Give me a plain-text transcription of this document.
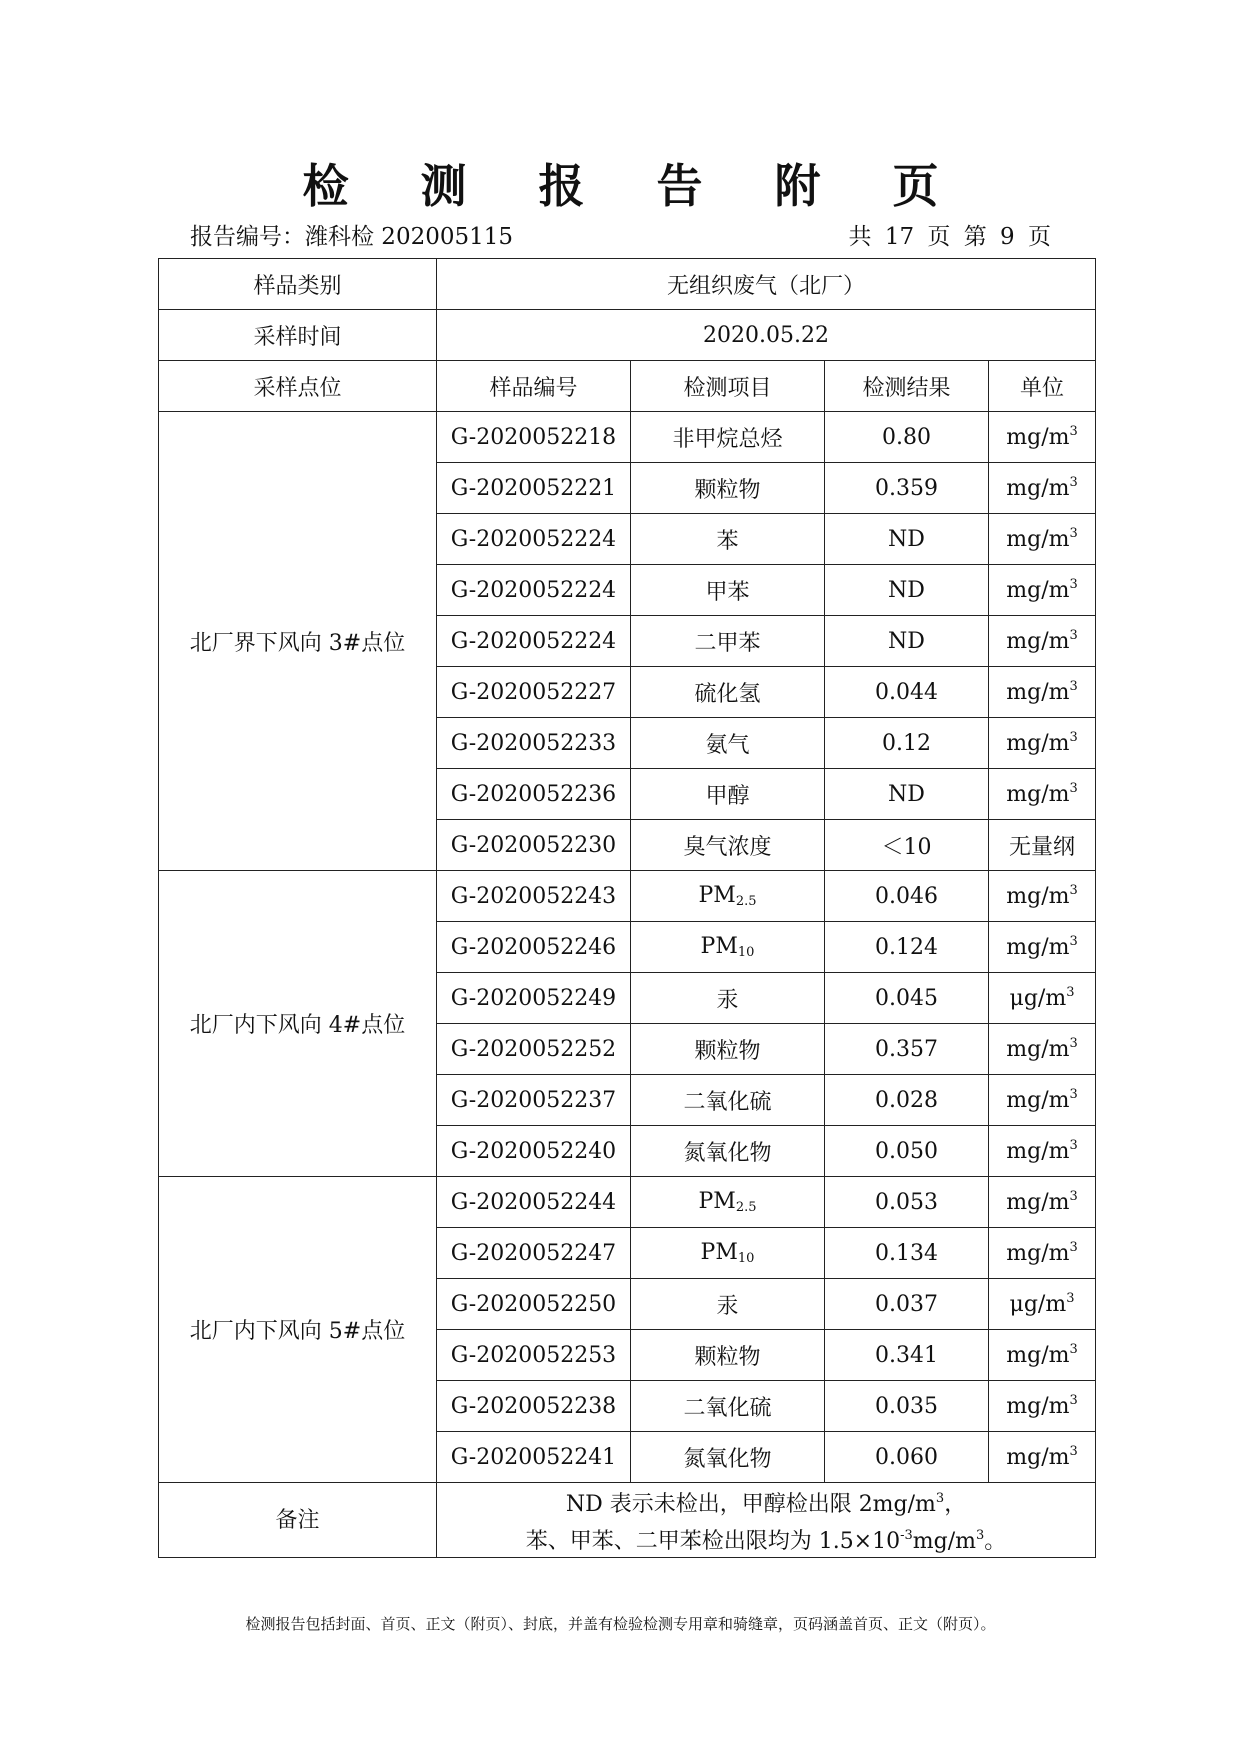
检 测 报 告 附 页
报告编号：潍科检 202005115	共 17 页 第 9 页
样品类别	无组织废气（北厂）			
采样时间	2020.05.22			
采样点位	样品编号	检测项目	检测结果	单位
北厂界下风向 3#点位	G-2020052218	非甲烷总烃	0.80	$mg/m^3$
	G-2020052221	颗粒物	0.359	$mg/m^3$
	G-2020052224	苯	ND	$mg/m^3$
	G-2020052224	甲苯	ND	$mg/m^3$
	G-2020052224	二甲苯	ND	$mg/m^3$
	G-2020052227	硫化氢	0.044	$mg/m^3$
	G-2020052233	氨气	0.12	$mg/m^3$
	G-2020052236	甲醇	ND	$mg/m^3$
	G-2020052230	臭气浓度	＜10	无量纲
北厂内下风向 4#点位	G-2020052243	$PM_{2.5}$	0.046	$mg/m^3$
	G-2020052246	$PM_{10}$	0.124	$mg/m^3$
	G-2020052249	汞	0.045	$\mu g/m^3$
	G-2020052252	颗粒物	0.357	$mg/m^3$
	G-2020052237	二氧化硫	0.028	$mg/m^3$
	G-2020052240	氮氧化物	0.050	$mg/m^3$
北厂内下风向 5#点位	G-2020052244	$PM_{2.5}$	0.053	$mg/m^3$
	G-2020052247	$PM_{10}$	0.134	$mg/m^3$
	G-2020052250	汞	0.037	$\mu g/m^3$
	G-2020052253	颗粒物	0.341	$mg/m^3$
	G-2020052238	二氧化硫	0.035	$mg/m^3$
	G-2020052241	氮氧化物	0.060	$mg/m^3$
备注	ND 表示未检出，甲醇检出限 $2mg/m^3$，
苯、甲苯、二甲苯检出限均为 $1.5\times 10^{-3}mg/m^3$。			
检测报告包括封面、首页、正文（附页）、封底，并盖有检验检测专用章和骑缝章，页码涵盖首页、正文（附页）。
